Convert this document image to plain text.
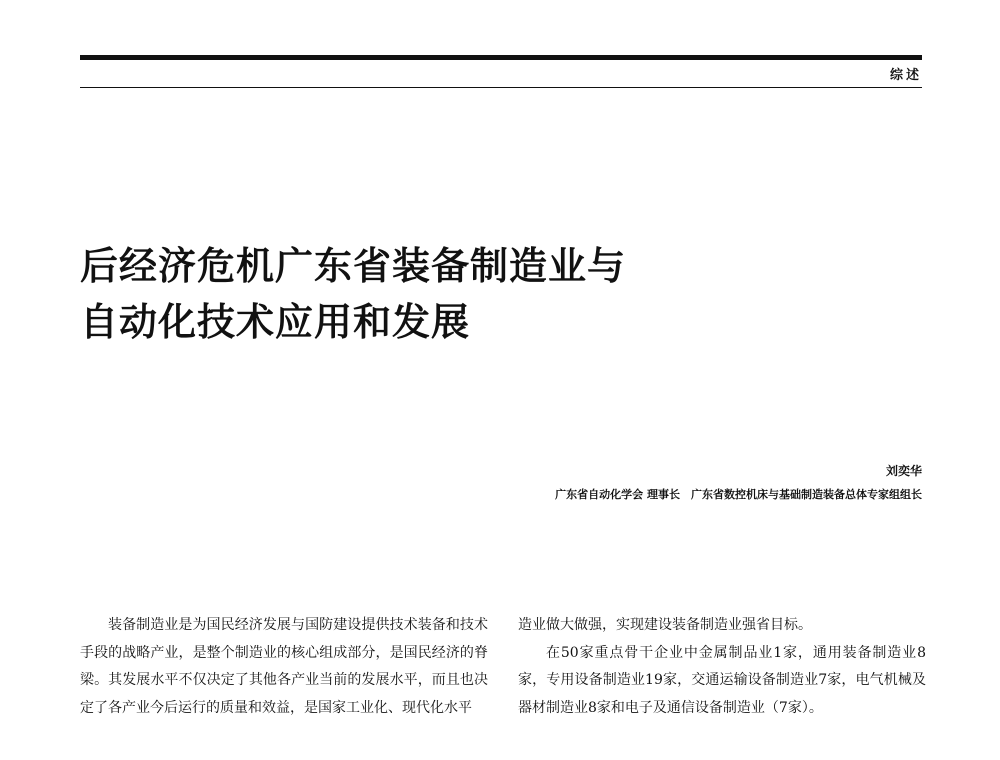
综述
后经济危机广东省装备制造业与
自动化技术应用和发展
刘奕华
广东省自动化学会 理事长　广东省数控机床与基础制造装备总体专家组组长

装备制造业是为国民经济发展与国防建设提供技术装备和技术手段的战略产业，是整个制造业的核心组成部分，是国民经济的脊梁。其发展水平不仅决定了其他各产业当前的发展水平，而且也决定了各产业今后运行的质量和效益，是国家工业化、现代化水平

造业做大做强，实现建设装备制造业强省目标。

在50家重点骨干企业中金属制品业1家，通用装备制造业8家，专用设备制造业19家，交通运输设备制造业7家，电气机械及器材制造业8家和电子及通信设备制造业（7家）。
